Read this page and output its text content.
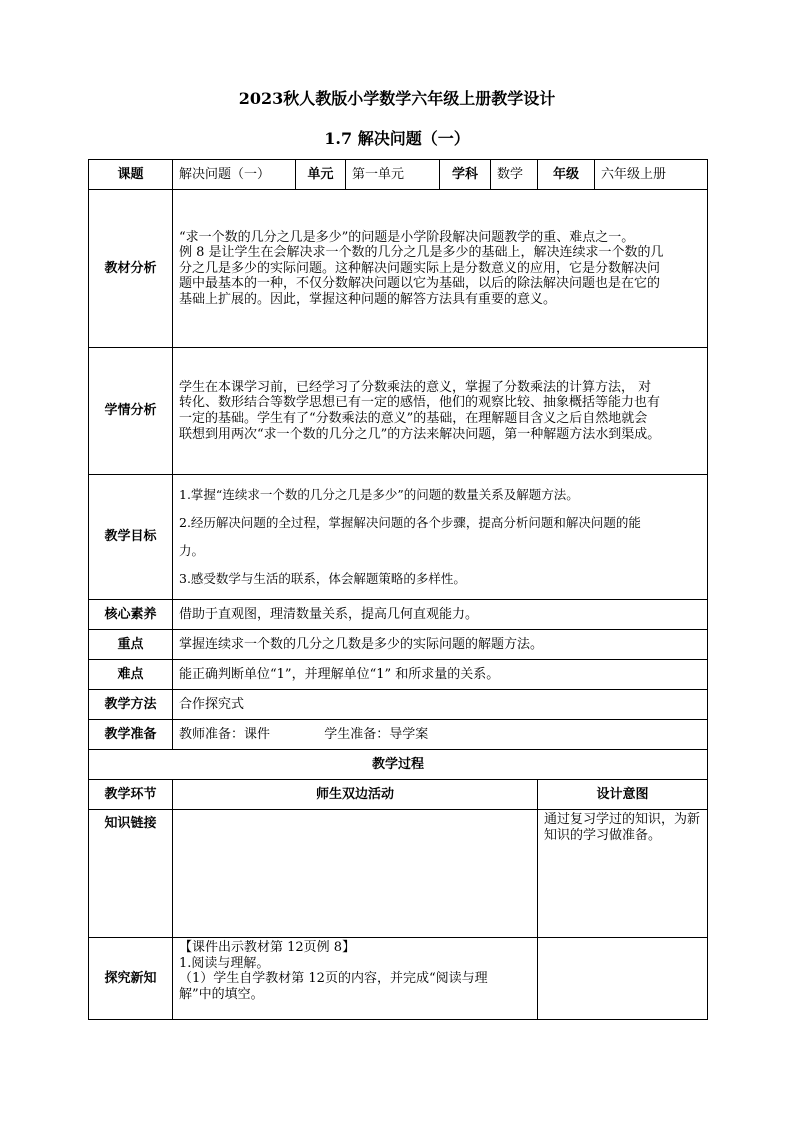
2023秋人教版小学数学六年级上册教学设计
1.7 解决问题（一）
课题	解决问题（一）	单元	第一单元	学科	数学	年级	六年级上册
教材分析	“求一个数的几分之几是多少”的问题是小学阶段解决问题教学的重、难点之一。
例 8 是让学生在会解决求一个数的几分之几是多少的基础上，解决连续求一个数的几
分之几是多少的实际问题。这种解决问题实际上是分数意义的应用，它是分数解决问
题中最基本的一种，不仅分数解决问题以它为基础，以后的除法解决问题也是在它的
基础上扩展的。因此，掌握这种问题的解答方法具有重要的意义。						

学情分析	学生在本课学习前，已经学习了分数乘法的意义，掌握了分数乘法的计算方法， 对
转化、数形结合等数学思想已有一定的感悟，他们的观察比较、抽象概括等能力也有
一定的基础。学生有了“分数乘法的意义”的基础，在理解题目含义之后自然地就会
联想到用两次“求一个数的几分之几”的方法来解决问题，第一种解题方法水到渠成。						

教学目标	1.掌握“连续求一个数的几分之几是多少”的问题的数量关系及解题方法。
2.经历解决问题的全过程，掌握解决问题的各个步骤，提高分析问题和解决问题的能
力。
3.感受数学与生活的联系，体会解题策略的多样性。						

核心素养	借助于直观图，理清数量关系，提高几何直观能力。						
重点	掌握连续求一个数的几分之几数是多少的实际问题的解题方法。						
难点	能正确判断单位“1”，并理解单位“1” 和所求量的关系。						
教学方法	合作探究式						
教学准备	教师准备：课件 学生准备：导学案						
教学过程							
教学环节	师生双边活动					设计意图	
知识链接						通过复习学过的知识，为新
知识的学习做准备。	

探究新知	【课件出示教材第 12页例 8】
1.阅读与理解。
（1）学生自学教材第 12页的内容，并完成“阅读与理
解”中的填空。						
